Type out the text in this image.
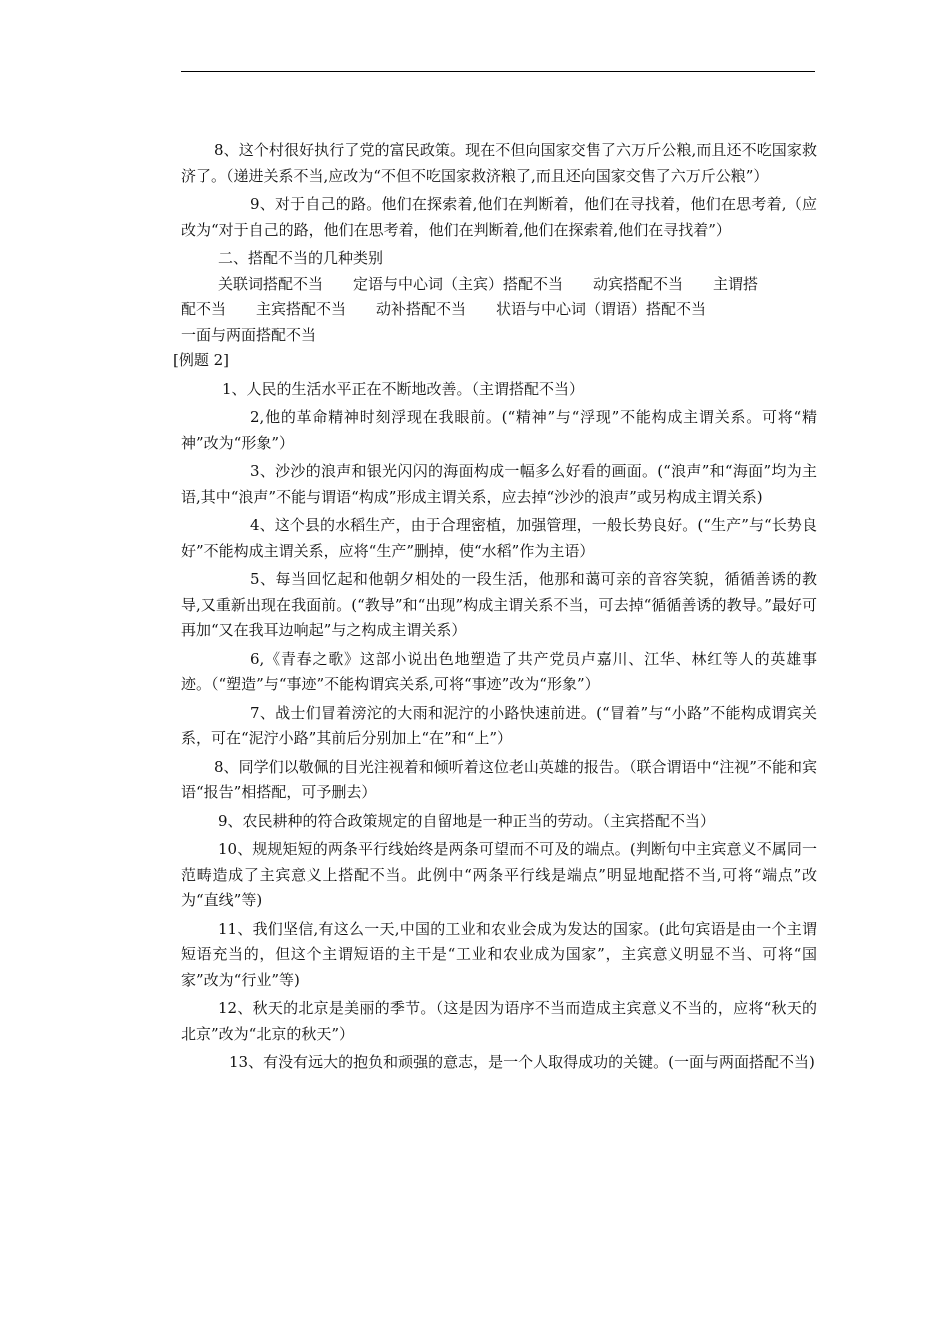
8、这个村很好执行了党的富民政策。现在不但向国家交售了六万斤公粮,而且还不吃国家救济了。（递进关系不当,应改为“不但不吃国家救济粮了,而且还向国家交售了六万斤公粮”）

9、对于自己的路。他们在探索着,他们在判断着，他们在寻找着，他们在思考着,（应改为“对于自己的路，他们在思考着，他们在判断着,他们在探索着,他们在寻找着”）

二、搭配不当的几种类别

关联词搭配不当　　定语与中心词（主宾）搭配不当　　动宾搭配不当　　主谓搭

配不当　　主宾搭配不当　　动补搭配不当　　状语与中心词（谓语）搭配不当

一面与两面搭配不当

[例题 2]

1、人民的生活水平正在不断地改善。（主谓搭配不当）

2,他的革命精神时刻浮现在我眼前。(“精神”与“浮现”不能构成主谓关系。可将“精神”改为“形象”）

3、沙沙的浪声和银光闪闪的海面构成一幅多么好看的画面。(“浪声”和“海面”均为主语,其中“浪声”不能与谓语“构成”形成主谓关系，应去掉“沙沙的浪声”或另构成主谓关系)

4、这个县的水稻生产，由于合理密植，加强管理，一般长势良好。(“生产”与“长势良好”不能构成主谓关系，应将“生产”删掉，使“水稻”作为主语）

5、每当回忆起和他朝夕相处的一段生活，他那和蔼可亲的音容笑貌，循循善诱的教导,又重新出现在我面前。(“教导”和“出现”构成主谓关系不当，可去掉“循循善诱的教导。”最好可再加“又在我耳边响起”与之构成主谓关系）

6,《青春之歌》这部小说出色地塑造了共产党员卢嘉川、江华、林红等人的英雄事迹。（“塑造”与“事迹”不能构谓宾关系,可将“事迹”改为“形象”）

7、战士们冒着滂沱的大雨和泥泞的小路快速前进。(“冒着”与“小路”不能构成谓宾关系，可在“泥泞小路”其前后分别加上“在”和“上”）

8、同学们以敬佩的目光注视着和倾听着这位老山英雄的报告。（联合谓语中“注视”不能和宾语“报告”相搭配，可予删去）

9、农民耕种的符合政策规定的自留地是一种正当的劳动。（主宾搭配不当）

10、规规矩短的两条平行线始终是两条可望而不可及的端点。(判断句中主宾意义不属同一范畴造成了主宾意义上搭配不当。此例中“两条平行线是端点”明显地配搭不当,可将“端点”改为“直线”等)

11、我们坚信,有这么一天,中国的工业和农业会成为发达的国家。(此句宾语是由一个主谓短语充当的，但这个主谓短语的主干是“工业和农业成为国家”，主宾意义明显不当、可将“国家”改为“行业”等)

12、秋天的北京是美丽的季节。（这是因为语序不当而造成主宾意义不当的，应将“秋天的北京”改为“北京的秋天”）

13、有没有远大的抱负和顽强的意志，是一个人取得成功的关键。(一面与两面搭配不当)
